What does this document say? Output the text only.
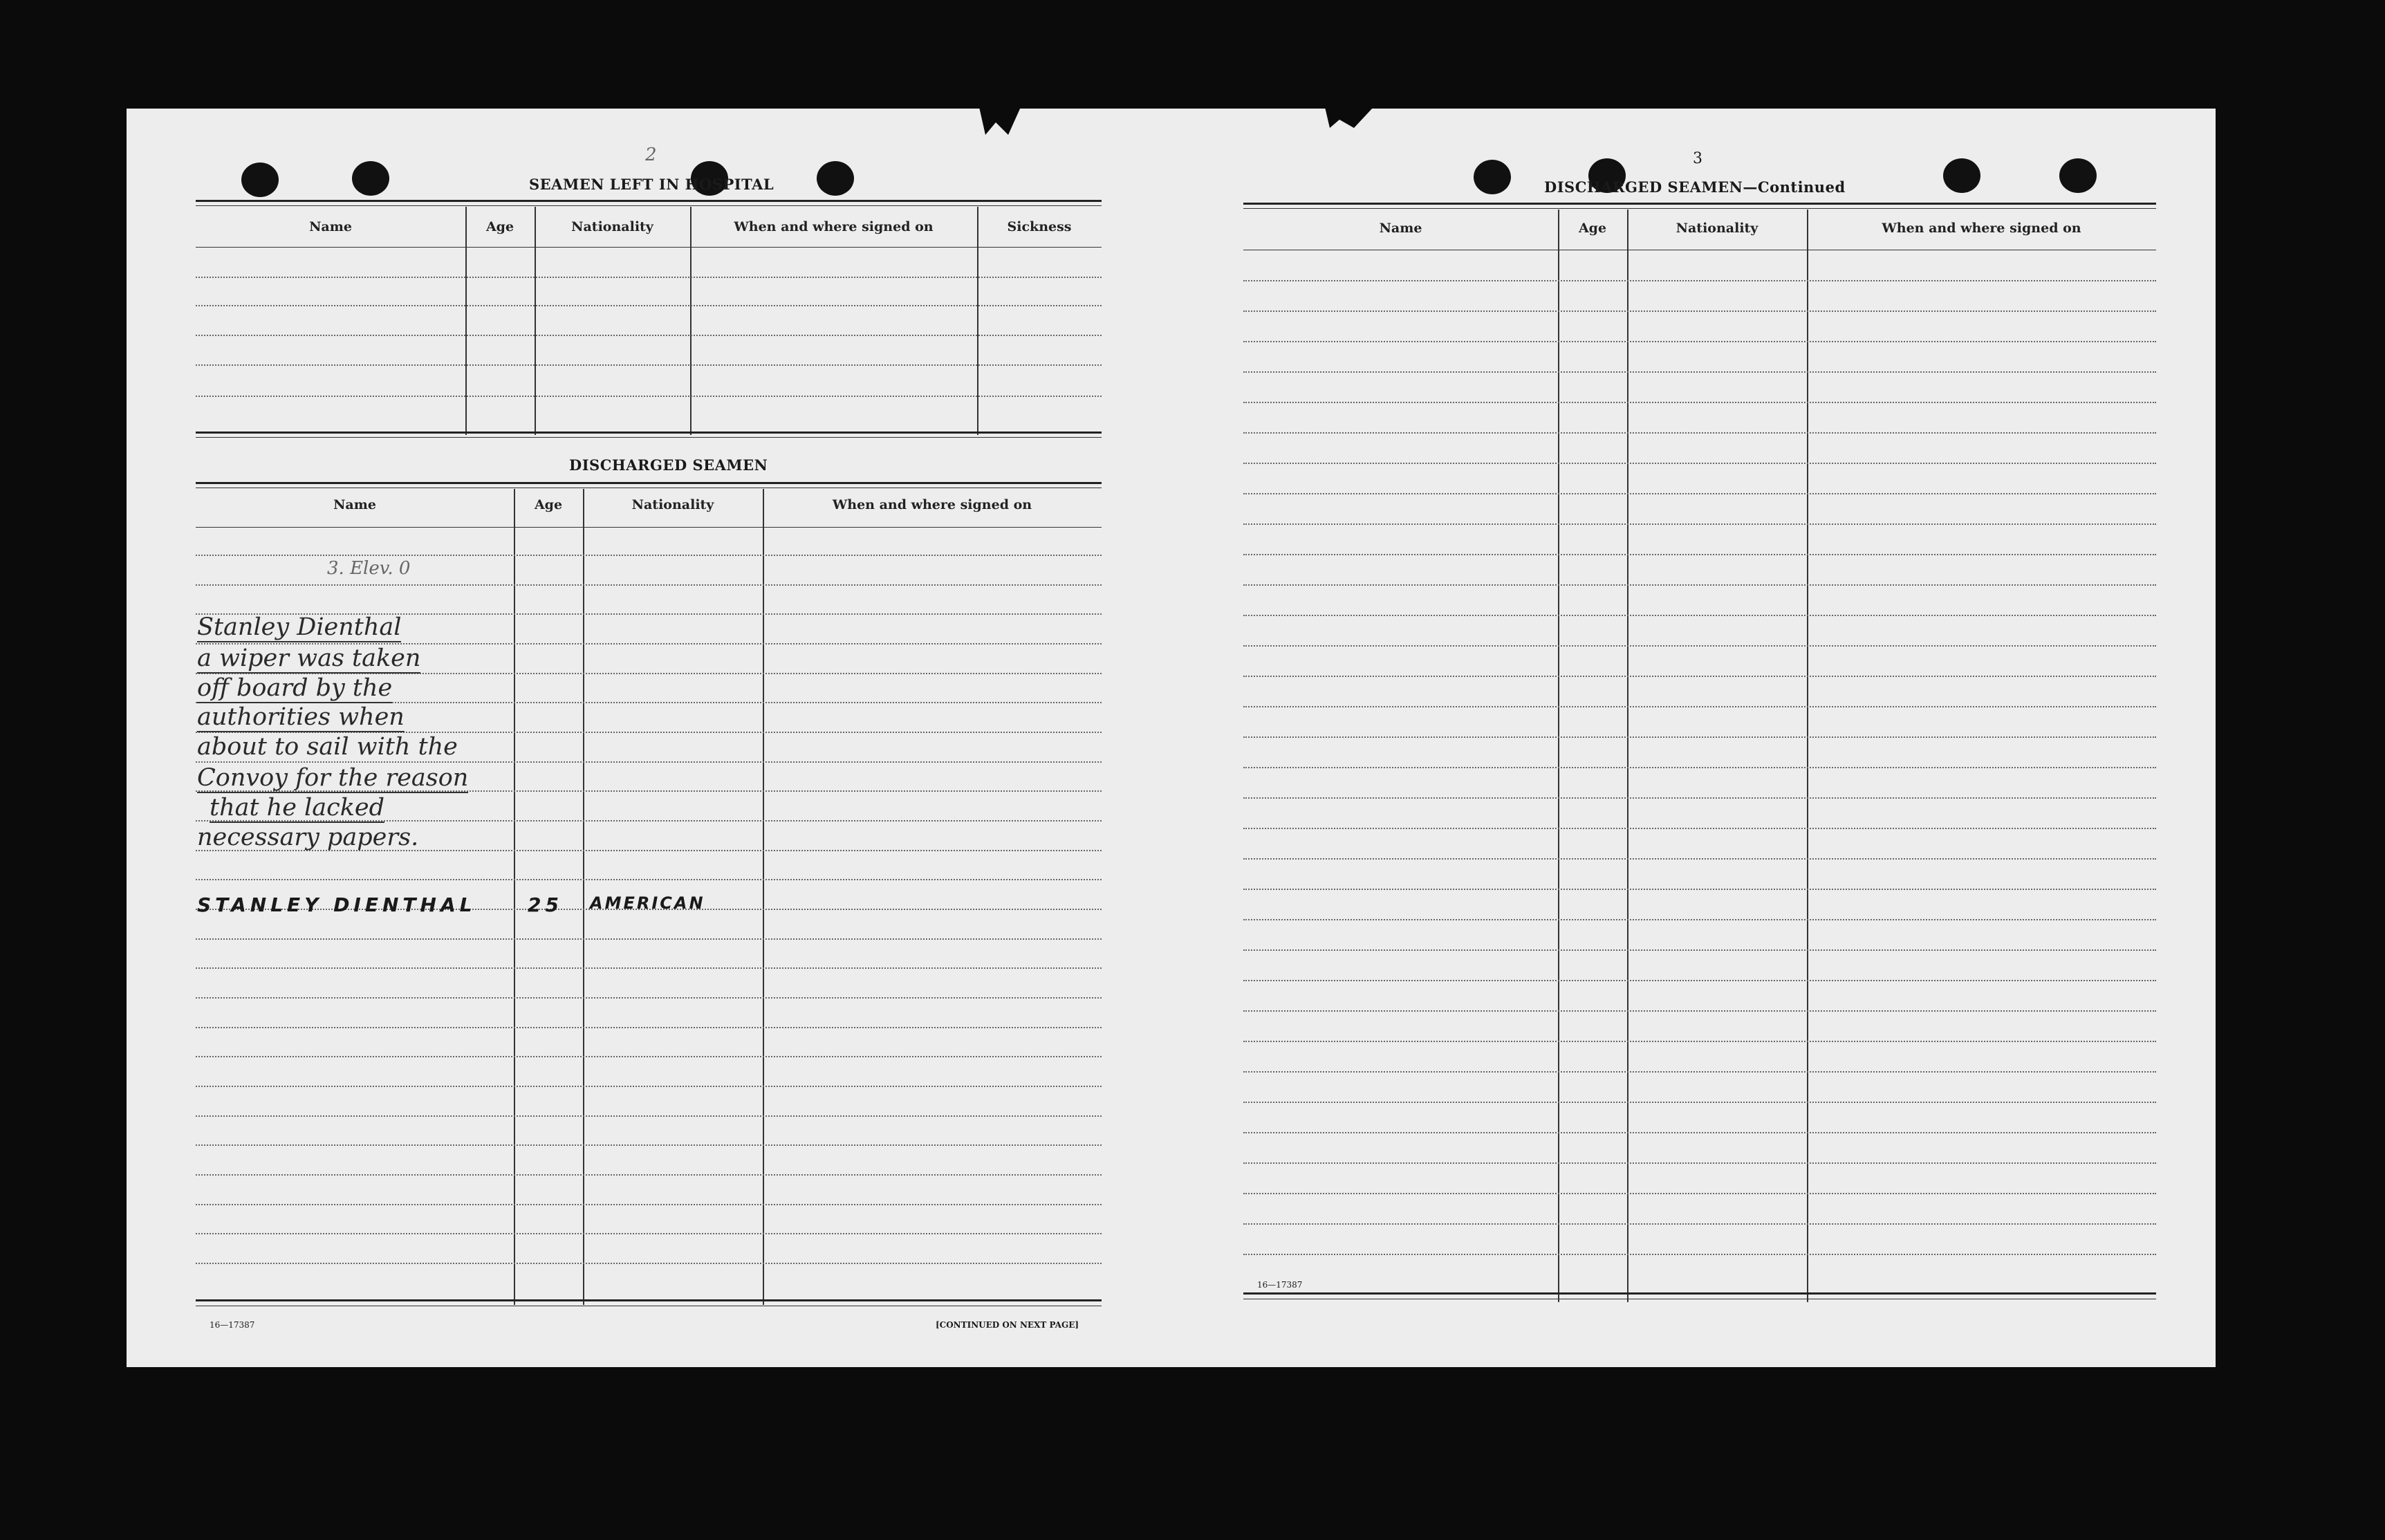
2
SEAMEN LEFT IN HOSPITAL
Name	Age	Nationality	When and where signed on	Sickness
DISCHARGED SEAMEN
Name	Age	Nationality	When and where signed on
3. Elev. 0
Stanley Dienthal
a wiper was taken
off board by the
authorities when
about to sail with the
Convoy for the reason
that he lacked
necessary papers.
STANLEY DIENTHAL	25 AMERICAN
16—17387	[CONTINUED ON NEXT PAGE]
3
DISCHARGED SEAMEN—Continued
Name	Age	Nationality	When and where signed on
16—17387
